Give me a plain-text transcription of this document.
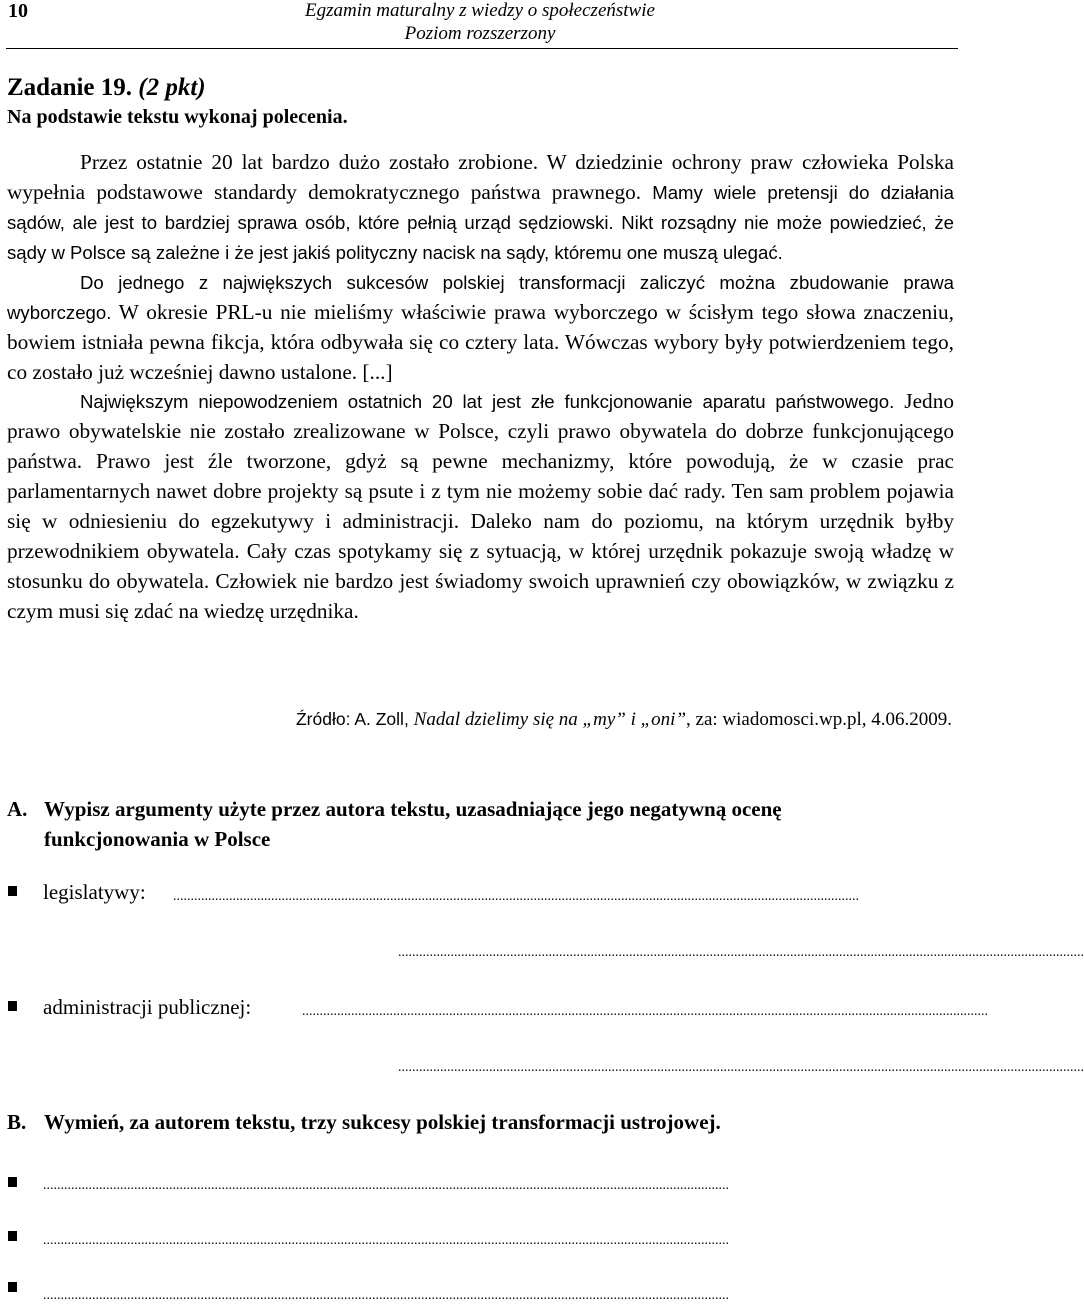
10	Egzamin maturalny z wiedzy o społeczeństwie
Poziom rozszerzony
Zadanie 19. (2 pkt)
Na podstawie tekstu wykonaj polecenia.

Przez ostatnie 20 lat bardzo dużo zostało zrobione. W dziedzinie ochrony praw człowieka Polska wypełnia podstawowe standardy demokratycznego państwa prawnego. Mamy wiele pretensji do działania sądów, ale jest to bardziej sprawa osób, które pełnią urząd sędziowski. Nikt rozsądny nie może powiedzieć, że sądy w Polsce są zależne i że jest jakiś polityczny nacisk na sądy, któremu one muszą ulegać.

Do jednego z największych sukcesów polskiej transformacji zaliczyć można zbudowanie prawa wyborczego. W okresie PRL-u nie mieliśmy właściwie prawa wyborczego w ścisłym tego słowa znaczeniu, bowiem istniała pewna fikcja, która odbywała się co cztery lata. Wówczas wybory były potwierdzeniem tego, co zostało już wcześniej dawno ustalone. [...]

Największym niepowodzeniem ostatnich 20 lat jest złe funkcjonowanie aparatu państwowego. Jedno prawo obywatelskie nie zostało zrealizowane w Polsce, czyli prawo obywatela do dobrze funkcjonującego państwa. Prawo jest źle tworzone, gdyż są pewne mechanizmy, które powodują, że w czasie prac parlamentarnych nawet dobre projekty są psute i z tym nie możemy sobie dać rady. Ten sam problem pojawia się w odniesieniu do egzekutywy i administracji. Daleko nam do poziomu, na którym urzędnik byłby przewodnikiem obywatela. Cały czas spotykamy się z sytuacją, w której urzędnik pokazuje swoją władzę w stosunku do obywatela. Człowiek nie bardzo jest świadomy swoich uprawnień czy obowiązków, w związku z czym musi się zdać na wiedzę urzędnika.

Źródło: A. Zoll, Nadal dzielimy się na „my” i „oni”, za: wiadomosci.wp.pl, 4.06.2009.
A. Wypisz argumenty użyte przez autora tekstu, uzasadniające jego negatywną ocenę
funkcjonowania w Polsce
legislatywy: ....................................................................................................................................................................................................
....................................................................................................................................................................................................
administracji publicznej:	....................................................................................................................................................................................................
....................................................................................................................................................................................................
B. Wymień, za autorem tekstu, trzy sukcesy polskiej transformacji ustrojowej.
....................................................................................................................................................................................................
....................................................................................................................................................................................................
....................................................................................................................................................................................................
